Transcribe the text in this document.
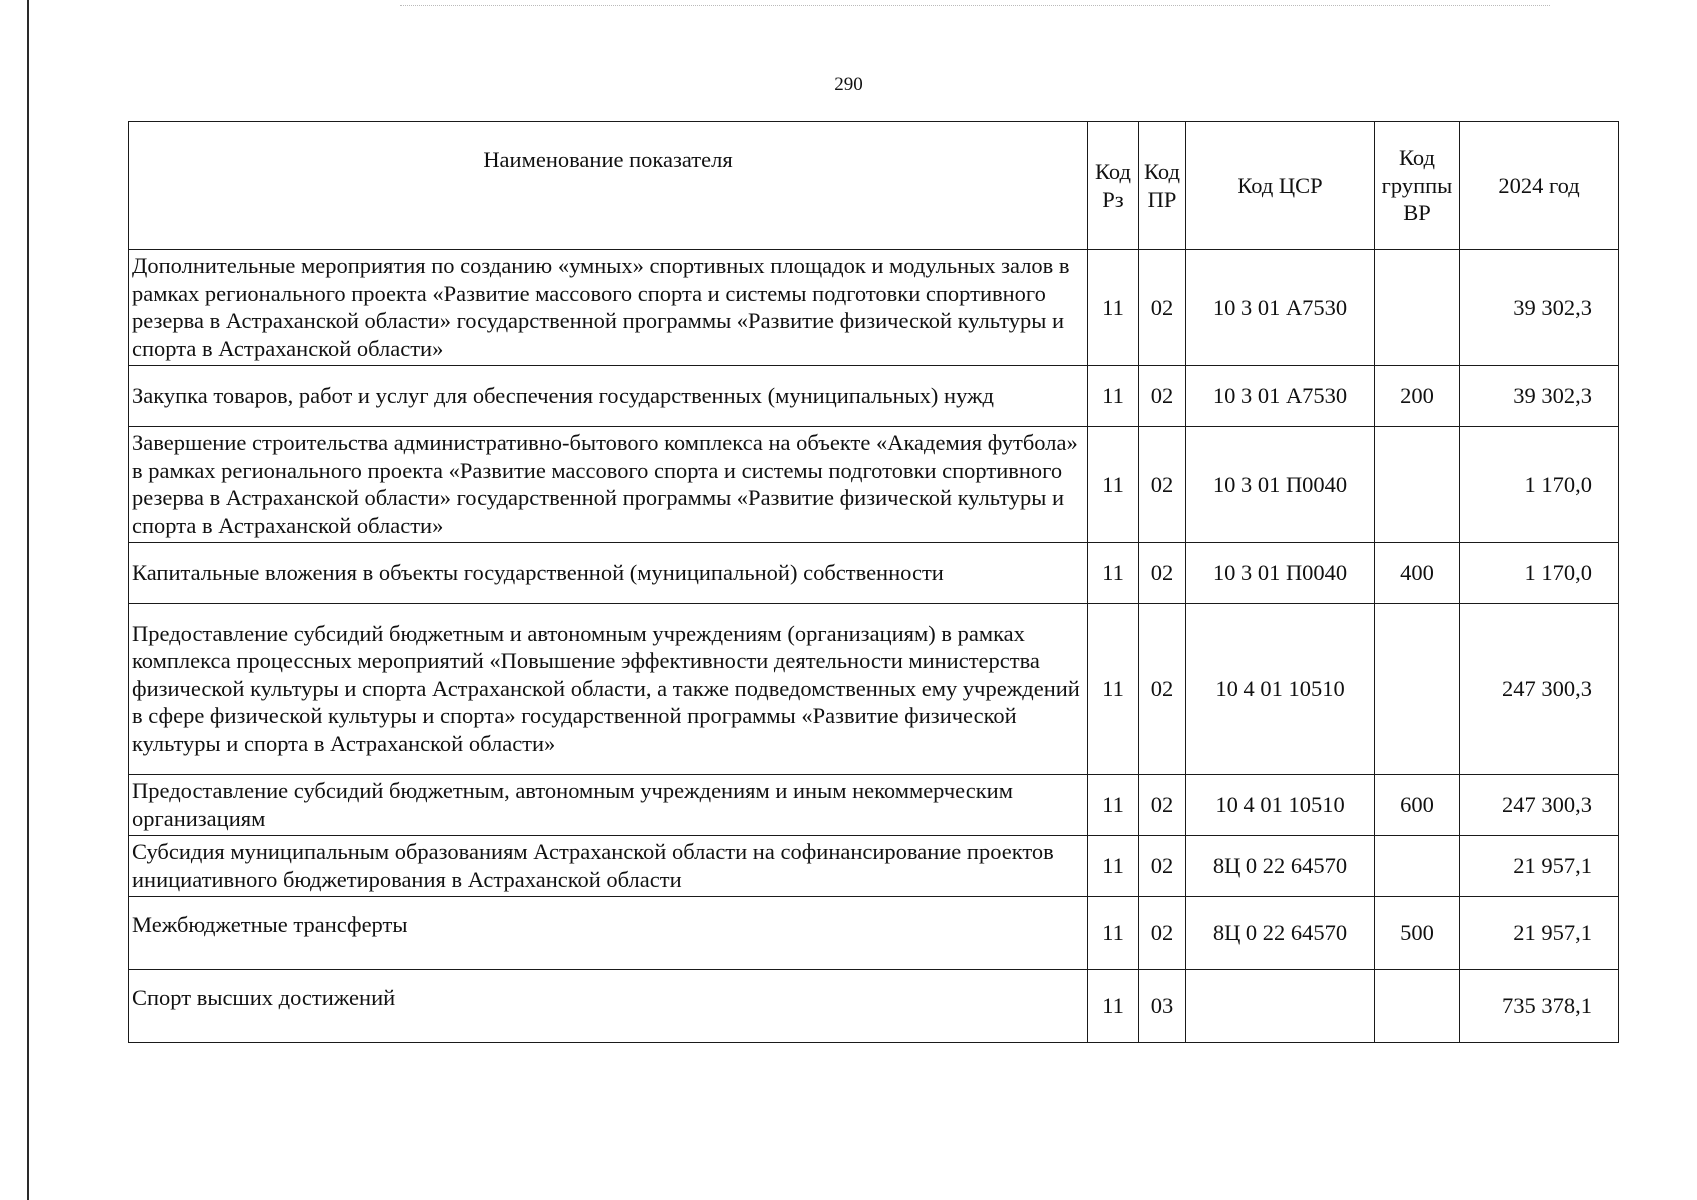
290
Наименование показателя	Код Рз	Код ПР	Код ЦСР	Код группы ВР	2024 год
Дополнительные мероприятия по созданию «умных» спортивных площадок и модульных залов в рамках регионального проекта «Развитие массового спорта и системы подготовки спортивного резерва в Астраханской области» государственной программы «Развитие физической культуры и спорта в Астраханской области»	11	02	10 3 01 А7530		39 302,3
Закупка товаров, работ и услуг для обеспечения государственных (муниципальных) нужд	11	02	10 3 01 А7530	200	39 302,3
Завершение строительства административно-бытового комплекса на объекте «Академия футбола» в рамках регионального проекта «Развитие массового спорта и системы подготовки спортивного резерва в Астраханской области» государственной программы «Развитие физической культуры и спорта в Астраханской области»	11	02	10 3 01 П0040		1 170,0
Капитальные вложения в объекты государственной (муниципальной) собственности	11	02	10 3 01 П0040	400	1 170,0
Предоставление субсидий бюджетным и автономным учреждениям (организациям) в рамках комплекса процессных мероприятий «Повышение эффективности деятельности министерства физической культуры и спорта Астраханской области, а также подведомственных ему учреждений в сфере физической культуры и спорта» государственной программы «Развитие физической культуры и спорта в Астраханской области»	11	02	10 4 01 10510		247 300,3
Предоставление субсидий бюджетным, автономным учреждениям и иным некоммерческим организациям	11	02	10 4 01 10510	600	247 300,3
Субсидия муниципальным образованиям Астраханской области на софинансирование проектов инициативного бюджетирования в Астраханской области	11	02	8Ц 0 22 64570		21 957,1
Межбюджетные трансферты	11	02	8Ц 0 22 64570	500	21 957,1
Спорт высших достижений	11	03			735 378,1
